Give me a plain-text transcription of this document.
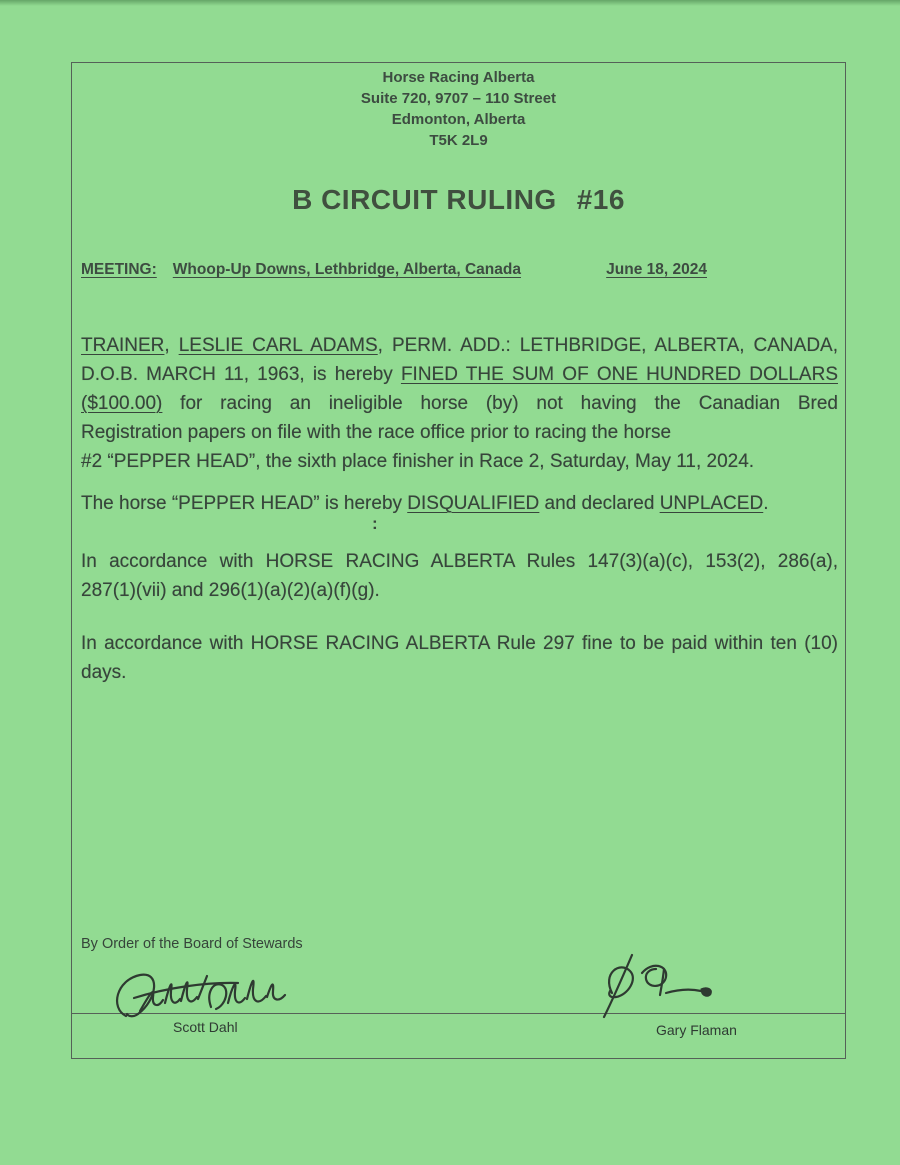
Horse Racing Alberta
Suite 720, 9707 – 110 Street
Edmonton, Alberta
T5K 2L9
B CIRCUIT RULING #16
MEETING: Whoop-Up Downs, Lethbridge, Alberta, Canada	June 18, 2024
TRAINER, LESLIE CARL ADAMS, PERM. ADD.: LETHBRIDGE, ALBERTA, CANADA,
D.O.B. MARCH 11, 1963, is hereby FINED THE SUM OF ONE HUNDRED DOLLARS
($100.00) for racing an ineligible horse (by) not having the Canadian Bred
Registration papers on file with the race office prior to racing the horse
#2 “PEPPER HEAD”, the sixth place finisher in Race 2, Saturday, May 11, 2024.
The horse “PEPPER HEAD” is hereby DISQUALIFIED and declared UNPLACED.
:
In accordance with HORSE RACING ALBERTA Rules 147(3)(a)(c), 153(2), 286(a),
287(1)(vii) and 296(1)(a)(2)(a)(f)(g).
In accordance with HORSE RACING ALBERTA Rule 297 fine to be paid within ten (10)
days.
By Order of the Board of Stewards
Scott Dahl	Gary Flaman
